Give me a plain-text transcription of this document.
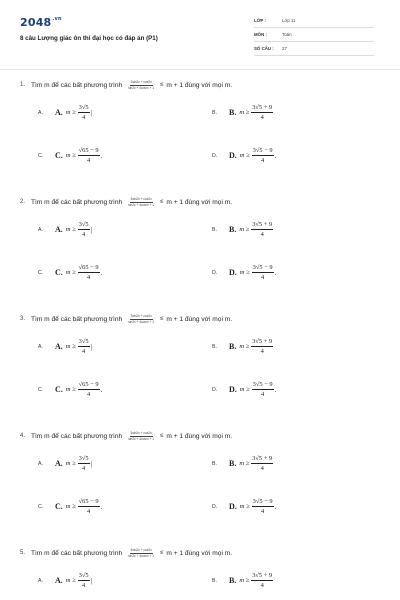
$2048^{.vn}$
8 câu Lượng giác ôn thi đại học có đáp án (P1)
LỚP :	Lớp 11
MÔN :	Toán
SỐ CÂU : 27
1. Tìm m để các bất phương trình $\frac{3\sin 2x + \cos 2x}{\text{sin2x + 4cos²x + 1}} \le m + 1$ đúng với mọi m.
A.	A. $m \ge \frac{3√5}{4}$ |	B.	B. $m \ge \frac{3√5 + 9}{4}$
C.	C. $m \ge \frac{√65 - 9}{4}$ .	D.	D. $m \ge \frac{3√5 - 9}{4}$ .
2. Tìm m để các bất phương trình $\frac{3\sin 2x + \cos 2x}{\text{sin2x + 4cos²x + 1}} \le m + 1$ đúng với mọi m.
A.	A. $m \ge \frac{3√5}{4}$ |	B.	B. $m \ge \frac{3√5 + 9}{4}$
C.	C. $m \ge \frac{√65 - 9}{4}$ .	D.	D. $m \ge \frac{3√5 - 9}{4}$ .
3. Tìm m để các bất phương trình $\frac{3\sin 2x + \cos 2x}{\text{sin2x + 4cos²x + 1}} \le m + 1$ đúng với mọi m.
A.	A. $m \ge \frac{3√5}{4}$ |	B.	B. $m \ge \frac{3√5 + 9}{4}$
C.	C. $m \ge \frac{√65 - 9}{4}$ .	D.	D. $m \ge \frac{3√5 - 9}{4}$ .
4. Tìm m để các bất phương trình $\frac{3\sin 2x + \cos 2x}{\text{sin2x + 4cos²x + 1}} \le m + 1$ đúng với mọi m.
A.	A. $m \ge \frac{3√5}{4}$ |	B.	B. $m \ge \frac{3√5 + 9}{4}$
C.	C. $m \ge \frac{√65 - 9}{4}$ .	D.	D. $m \ge \frac{3√5 - 9}{4}$ .
5. Tìm m để các bất phương trình $\frac{3\sin 2x + \cos 2x}{\text{sin2x + 4cos²x + 1}} \le m + 1$ đúng với mọi m.
A.	A. $m \ge \frac{3√5}{4}$ |	B.	B. $m \ge \frac{3√5 + 9}{4}$
